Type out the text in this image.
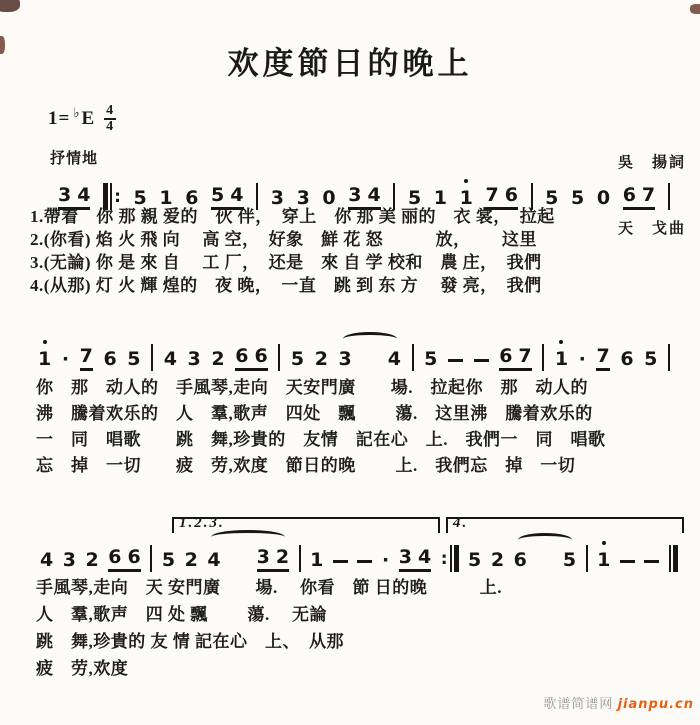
欢度節日的晚上
1= ♭ E $\frac{4}{4}$
抒情地

	吳　揚詞

天　戈曲

3 4 : 5 1 6 5 4 3 3 0 3 4 5 1 1 7 6 5 5 0 6 7
1.帶着　你 那 親 爱的　伙 伴，　穿上　你 那 美 丽的　衣 裳，　拉起
2.(你看) 焰 火 飛 向　 高 空，　好象　鮮 花 怒　　　放，　　 这里
3.(无論) 你 是 來 自　 工 厂，　还是　來 自 学 校和　農 庄，　我們
4.(从那) 灯 火 輝 煌的　夜 晚，　一直　跳 到 东 方　 發 亮，　我們
1 · 7 6 5 4 3 2 6 6 5 2 3 4 5	6 7 1 · 7 6 5
你　那　动人的　手風琴,走向　天安門廣　　場.　拉起你　那　动人的
沸　騰着欢乐的　人　羣,歌声　四处　飄　　 蕩.　这里沸　騰着欢乐的
一　同　唱歌　　跳　舞,珍貴的　友情　記在心　上.　我們一　同　唱歌
忘　掉　一切　　疲　劳,欢度　節日的晚　　 上.　我們忘　掉　一切
1.2.3.	4.
4 3 2 6 6 5 2 4 3 2 1	· 3 4 : 5 2 6 5 1
手風琴,走向　天 安門廣　　場.　 你看　節 日的晚　　　上.
人　羣,歌声　四 处 飄　　 蕩.　 无論
跳　舞,珍貴的 友 情 記在心　上、　从那
疲　劳,欢度
歌谱简谱网 jianpu.cn
